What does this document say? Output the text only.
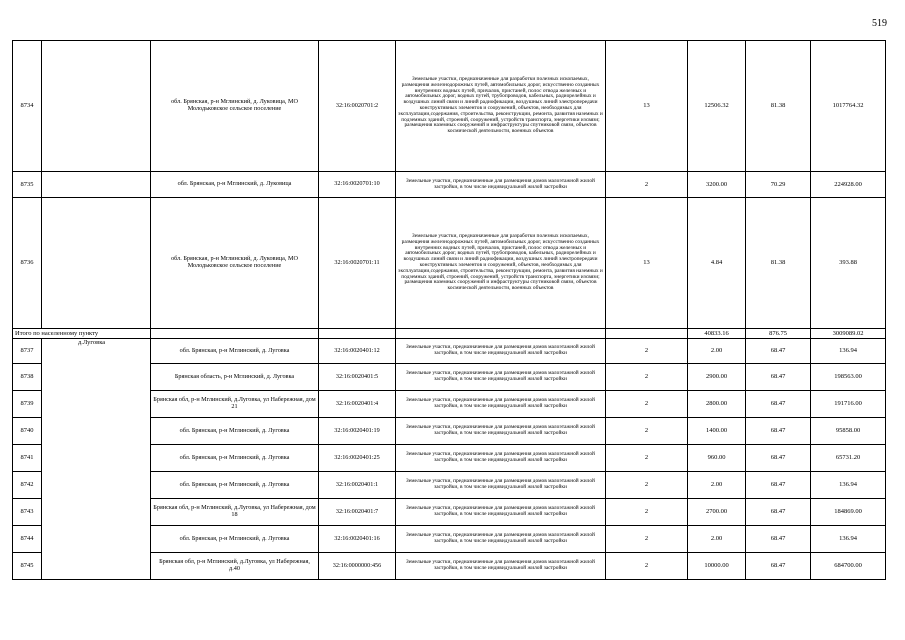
519
8734		обл. Брянская, р-н Мглинский, д. Луковица, МО Молодьковское сельское поселение	32:16:0020701:2	Земельные участки, предназначенные для разработки полезных ископаемых, размещения железнодорожных путей, автомобильных дорог, искусственно созданных внутренних водных путей, причалов, пристаней, полос отвода железных и автомобильных дорог, водных путей, трубопроводов, кабельных, радиорелейных и воздушных линий связи и линий радиофикации, воздушных линий электропередачи конструктивных элементов и сооружений, объектов, необходимых для эксплуатации,содержания, строительства, реконструкции, ремонта, развития наземных и подземных зданий, строений, сооружений, устройств транспорта, энергетики изсвязи; размещения наземных сооружений и инфраструктуры спутниковой связи, объектов космической деятельности, военных объектов	13	12506.32	81.38	1017764.32
8735		обл. Брянская, р-н Мглинский, д. Луковица	32:16:0020701:10	Земельные участки, предназначенные для размещения домов малоэтажной жилой застройки, в том числе индивидуальной жилой застройки	2	3200.00	70.29	224928.00
8736		обл. Брянская, р-н Мглинский, д. Луковица, МО Молодьковское сельское поселение	32:16:0020701:11	Земельные участки, предназначенные для разработки полезных ископаемых, размещения железнодорожных путей, автомобильных дорог, искусственно созданных внутренних водных путей, причалов, пристаней, полос отвода железных и автомобильных дорог, водных путей, трубопроводов, кабельных, радиорелейных и воздушных линий связи и линий радиофикации, воздушных линий электропередачи конструктивных элементов и сооружений, объектов, необходимых для эксплуатации,содержания, строительства, реконструкции, ремонта, развития наземных и подземных зданий, строений, сооружений, устройств транспорта, энергетики изсвязи; размещения наземных сооружений и инфраструктуры спутниковой связи, объектов космической деятельности, военных объектов	13	4.84	81.38	393.88
Итого по населенному пункту						40833.16	876.75	3009089.02
8737	д.Луговка	обл. Брянская, р-н Мглинский, д. Луговка	32:16:0020401:12	Земельные участки, предназначенные для размещения домов малоэтажной жилой застройки, в том числе индивидуальной жилой застройки	2	2.00	68.47	136.94
8738		Брянская область, р-н Мглинский, д. Луговка	32:16:0020401:5	Земельные участки, предназначенные для размещения домов малоэтажной жилой застройки, в том числе индивидуальной жилой застройки	2	2900.00	68.47	198563.00
8739		Брянская обл, р-н Мглинский, д.Луговка, ул Набережная, дом 21	32:16:0020401:4	Земельные участки, предназначенные для размещения домов малоэтажной жилой застройки, в том числе индивидуальной жилой застройки	2	2800.00	68.47	191716.00
8740		обл. Брянская, р-н Мглинский, д. Луговка	32:16:0020401:19	Земельные участки, предназначенные для размещения домов малоэтажной жилой застройки, в том числе индивидуальной жилой застройки	2	1400.00	68.47	95858.00
8741		обл. Брянская, р-н Мглинский, д. Луговка	32:16:0020401:25	Земельные участки, предназначенные для размещения домов малоэтажной жилой застройки, в том числе индивидуальной жилой застройки	2	960.00	68.47	65731.20
8742		обл. Брянская, р-н Мглинский, д. Луговка	32:16:0020401:1	Земельные участки, предназначенные для размещения домов малоэтажной жилой застройки, в том числе индивидуальной жилой застройки	2	2.00	68.47	136.94
8743		Брянская обл, р-н Мглинский, д.Луговка, ул Набережная, дом 18	32:16:0020401:7	Земельные участки, предназначенные для размещения домов малоэтажной жилой застройки, в том числе индивидуальной жилой застройки	2	2700.00	68.47	184869.00
8744		обл. Брянская, р-н Мглинский, д. Луговка	32:16:0020401:16	Земельные участки, предназначенные для размещения домов малоэтажной жилой застройки, в том числе индивидуальной жилой застройки	2	2.00	68.47	136.94
8745		Брянская обл, р-н Мглинский, д.Луговка, ул Набережная, д.40	32:16:0000000:456	Земельные участки, предназначенные для размещения домов малоэтажной жилой застройки, в том числе индивидуальной жилой застройки	2	10000.00	68.47	684700.00
